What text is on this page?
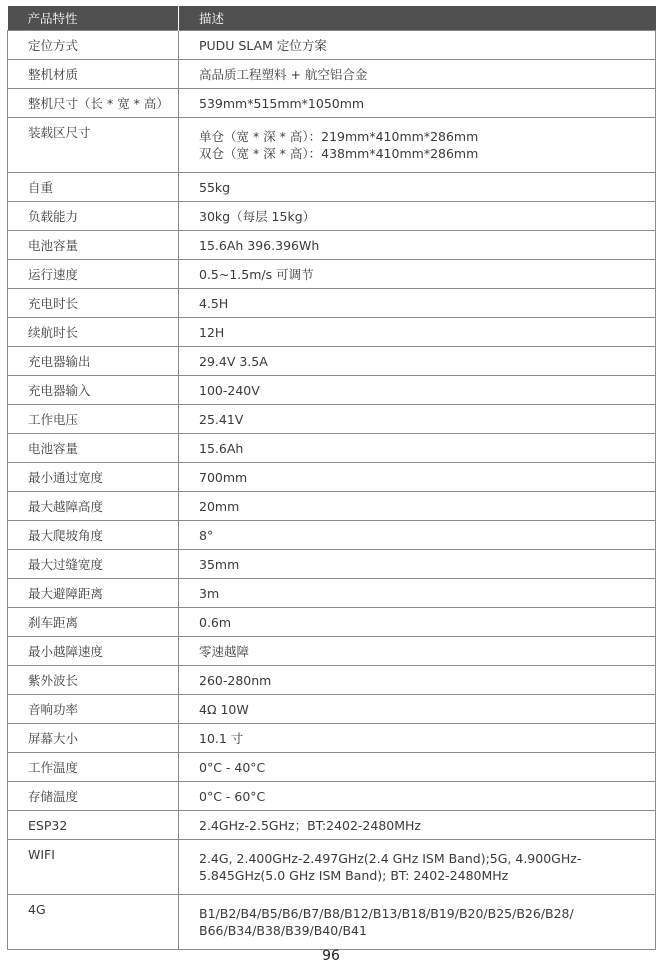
产品特性	描述
定位方式	PUDU SLAM 定位方案

整机材质	高品质工程塑料 + 航空铝合金

整机尺寸（长 * 宽 * 高）	539mm*515mm*1050mm

装载区尺寸	单仓（宽 * 深 * 高）：219mm*410mm*286mm
双仓（宽 * 深 * 高）：438mm*410mm*286mm

自重	55kg

负载能力	30kg（每层 15kg）

电池容量	15.6Ah 396.396Wh

运行速度	0.5~1.5m/s 可调节

充电时长	4.5H

续航时长	12H

充电器输出	29.4V 3.5A

充电器输入	100-240V

工作电压	25.41V

电池容量	15.6Ah

最小通过宽度	700mm

最大越障高度	20mm

最大爬坡角度	8°

最大过缝宽度	35mm

最大避障距离	3m

刹车距离	0.6m

最小越障速度	零速越障

紫外波长	260-280nm

音响功率	4Ω 10W

屏幕大小	10.1 寸

工作温度	0°C - 40°C

存储温度	0°C - 60°C

ESP32	2.4GHz-2.5GHz；BT:2402-2480MHz

WIFI	2.4G, 2.400GHz-2.497GHz(2.4 GHz ISM Band);5G, 4.900GHz-
5.845GHz(5.0 GHz ISM Band); BT: 2402-2480MHz

4G	B1/B2/B4/B5/B6/B7/B8/B12/B13/B18/B19/B20/B25/B26/B28/
B66/B34/B38/B39/B40/B41
96
